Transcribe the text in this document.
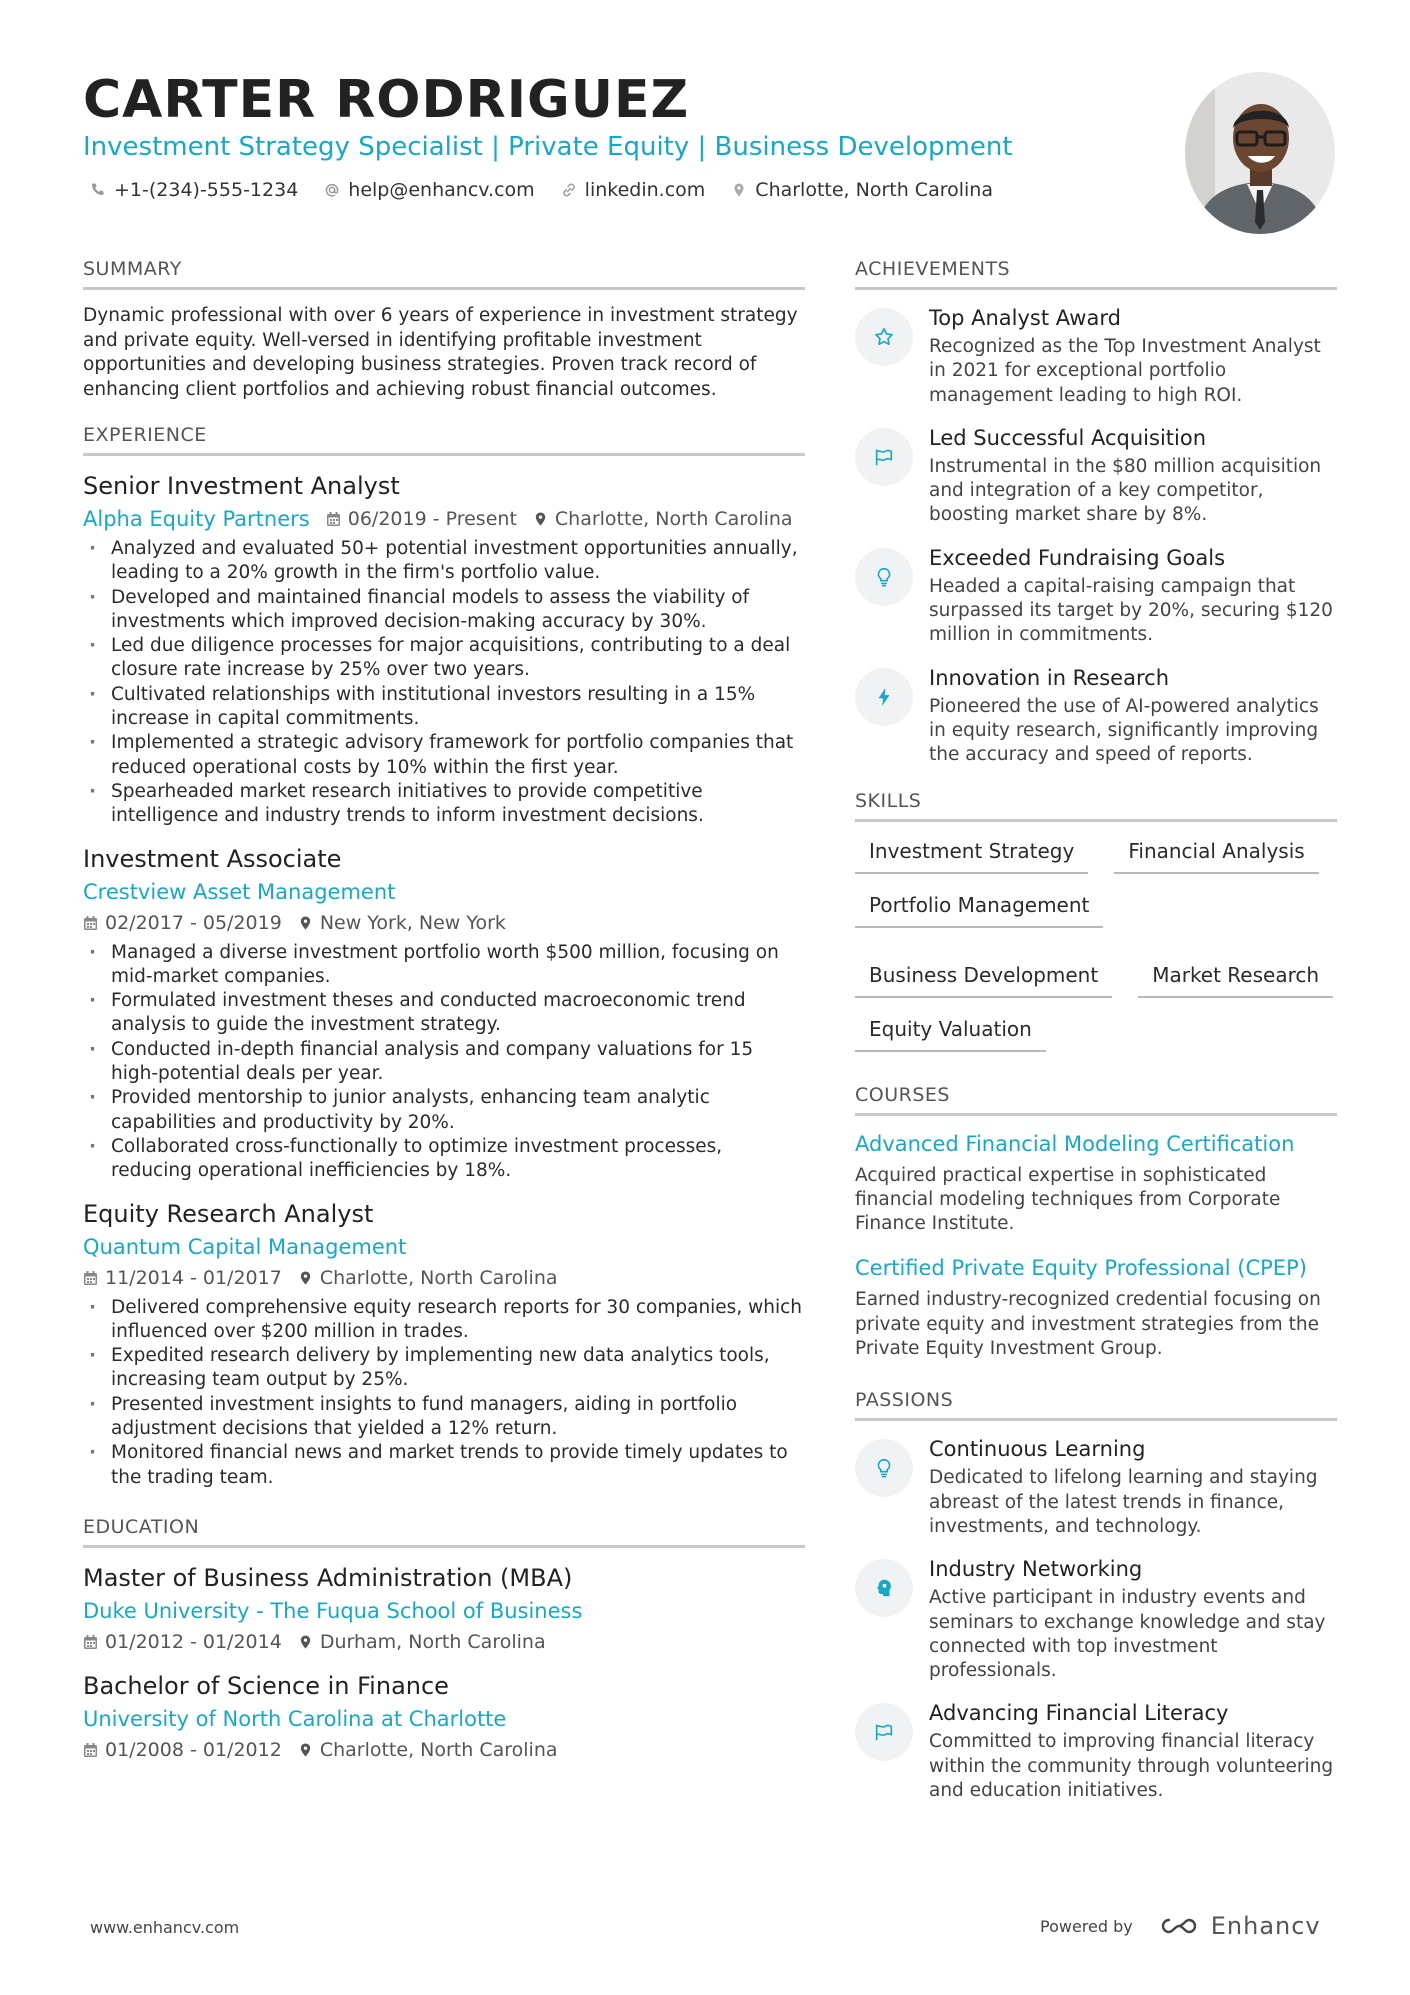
CARTER RODRIGUEZ
Investment Strategy Specialist | Private Equity | Business Development
+1-(234)-555-1234	help@enhancv.com	linkedin.com	Charlotte, North Carolina
SUMMARY
Dynamic professional with over 6 years of experience in investment strategy and private equity. Well-versed in identifying profitable investment opportunities and developing business strategies. Proven track record of enhancing client portfolios and achieving robust financial outcomes.
EXPERIENCE
Senior Investment Analyst
Alpha Equity Partners 06/2019 - Present Charlotte, North Carolina
· Analyzed and evaluated 50+ potential investment opportunities annually, leading to a 20% growth in the firm's portfolio value.
· Developed and maintained financial models to assess the viability of investments which improved decision-making accuracy by 30%.
· Led due diligence processes for major acquisitions, contributing to a deal closure rate increase by 25% over two years.
· Cultivated relationships with institutional investors resulting in a 15% increase in capital commitments.
· Implemented a strategic advisory framework for portfolio companies that reduced operational costs by 10% within the first year.
· Spearheaded market research initiatives to provide competitive intelligence and industry trends to inform investment decisions.
Investment Associate
Crestview Asset Management
02/2017 - 05/2019 New York, New York
· Managed a diverse investment portfolio worth $500 million, focusing on mid-market companies.
· Formulated investment theses and conducted macroeconomic trend analysis to guide the investment strategy.
· Conducted in-depth financial analysis and company valuations for 15 high-potential deals per year.
· Provided mentorship to junior analysts, enhancing team analytic capabilities and productivity by 20%.
· Collaborated cross-functionally to optimize investment processes, reducing operational inefficiencies by 18%.
Equity Research Analyst
Quantum Capital Management
11/2014 - 01/2017 Charlotte, North Carolina
· Delivered comprehensive equity research reports for 30 companies, which influenced over $200 million in trades.
· Expedited research delivery by implementing new data analytics tools, increasing team output by 25%.
· Presented investment insights to fund managers, aiding in portfolio adjustment decisions that yielded a 12% return.
· Monitored financial news and market trends to provide timely updates to the trading team.
EDUCATION
Master of Business Administration (MBA)
Duke University - The Fuqua School of Business
01/2012 - 01/2014 Durham, North Carolina
Bachelor of Science in Finance
University of North Carolina at Charlotte
01/2008 - 01/2012 Charlotte, North Carolina
ACHIEVEMENTS
Top Analyst Award
Recognized as the Top Investment Analyst in 2021 for exceptional portfolio management leading to high ROI.
Led Successful Acquisition
Instrumental in the $80 million acquisition and integration of a key competitor, boosting market share by 8%.
Exceeded Fundraising Goals
Headed a capital-raising campaign that surpassed its target by 20%, securing $120 million in commitments.
Innovation in Research
Pioneered the use of AI-powered analytics in equity research, significantly improving the accuracy and speed of reports.
SKILLS
Investment Strategy	Financial Analysis
Portfolio Management
Business Development	Market Research
Equity Valuation
COURSES
Advanced Financial Modeling Certification
Acquired practical expertise in sophisticated financial modeling techniques from Corporate Finance Institute.
Certified Private Equity Professional (CPEP)
Earned industry-recognized credential focusing on private equity and investment strategies from the Private Equity Investment Group.
PASSIONS
Continuous Learning
Dedicated to lifelong learning and staying abreast of the latest trends in finance, investments, and technology.
Industry Networking
Active participant in industry events and seminars to exchange knowledge and stay connected with top investment professionals.
Advancing Financial Literacy
Committed to improving financial literacy within the community through volunteering and education initiatives.
www.enhancv.com	Powered by	Enhancv
